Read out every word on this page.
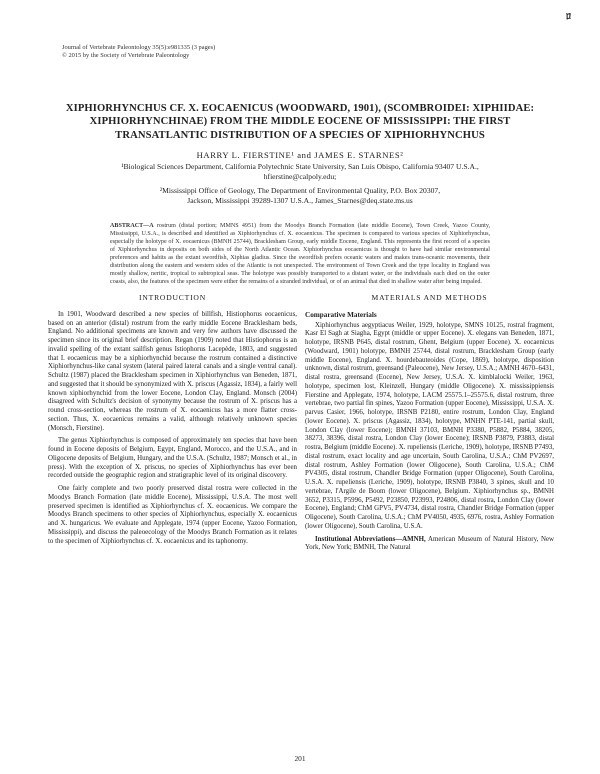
ﾛ
Journal of Vertebrate Paleontology 35(5):e981335 (3 pages)
© 2015 by the Society of Vertebrate Paleontology
XIPHIORHYNCHUS CF. X. EOCAENICUS (WOODWARD, 1901), (SCOMBROIDEI: XIPHIIDAE:
XIPHIORHYNCHINAE) FROM THE MIDDLE EOCENE OF MISSISSIPPI: THE FIRST
TRANSATLANTIC DISTRIBUTION OF A SPECIES OF XIPHIORHYNCHUS
HARRY L. FIERSTINE¹ and JAMES E. STARNES²
¹Biological Sciences Department, California Polytechnic State University, San Luis Obispo, California 93407 U.S.A.,
hfierstine@calpoly.edu;
²Mississippi Office of Geology, The Department of Environmental Quality, P.O. Box 20307,
Jackson, Mississippi 39289-1307 U.S.A., James_Starnes@deq.state.ms.us
ABSTRACT—A rostrum (distal portion; MMNS 4951) from the Moodys Branch Formation (late middle Eocene), Town Creek, Yazoo County, Mississippi, U.S.A., is described and identified as Xiphiorhynchus cf. X. eocaenicus. The specimen is compared to various species of Xiphiorhynchus, especially the holotype of X. eocaenicus (BMNH 25744), Bracklesham Group, early middle Eocene, England. This represents the first record of a species of Xiphiorhynchus in deposits on both sides of the North Atlantic Ocean. Xiphiorhynchus eocaenicus is thought to have had similar environmental preferences and habits as the extant swordfish, Xiphias gladius. Since the swordfish prefers oceanic waters and makes trans-oceanic movements, their distribution along the eastern and western sides of the Atlantic is not unexpected. The environment of Town Creek and the type locality in England was mostly shallow, neritic, tropical to subtropical seas. The holotype was possibly transported to a distant water, or the individuals each died on the outer coasts, also, the features of the specimen were either the remains of a stranded individual, or of an animal that died in shallow water after being impaled.
INTRODUCTION

In 1901, Woodward described a new species of billfish, Histiophorus eocaenicus, based on an anterior (distal) rostrum from the early middle Eocene Bracklesham beds, England. No additional specimens are known and very few authors have discussed the specimen since its original brief description. Regan (1909) noted that Histiophorus is an invalid spelling of the extant sailfish genus Istiophorus Lacepède, 1803, and suggested that I. eocaenicus may be a xiphiorhynchid because the rostrum contained a distinctive Xiphiorhynchus-like canal system (lateral paired lateral canals and a single ventral canal). Schultz (1987) placed the Bracklesham specimen in Xiphiorhynchus van Beneden, 1871, and suggested that it should be synonymized with X. priscus (Agassiz, 1834), a fairly well known xiphiorhynchid from the lower Eocene, London Clay, England. Monsch (2004) disagreed with Schultz's decision of synonymy because the rostrum of X. priscus has a round cross-section, whereas the rostrum of X. eocaenicus has a more flatter cross-section. Thus, X. eocaenicus remains a valid, although relatively unknown species (Monsch, Fierstine).

The genus Xiphiorhynchus is composed of approximately ten species that have been found in Eocene deposits of Belgium, Egypt, England, Morocco, and the U.S.A., and in Oligocene deposits of Belgium, Hungary, and the U.S.A. (Schultz, 1987; Monsch et al., in press). With the exception of X. priscus, no species of Xiphiorhynchus has ever been recorded outside the geographic region and stratigraphic level of its original discovery.

One fairly complete and two poorly preserved distal rostra were collected in the Moodys Branch Formation (late middle Eocene), Mississippi, U.S.A. The most well preserved specimen is identified as Xiphiorhynchus cf. X. eocaenicus. We compare the Moodys Branch specimens to other species of Xiphiorhynchus, especially X. eocaenicus and X. hungaricus. We evaluate and Applegate, 1974 (upper Eocene, Yazoo Formation, Mississippi), and discuss the paleoecology of the Moodys Branch Formation as it relates to the specimen of Xiphiorhynchus cf. X. eocaenicus and its taphonomy.

MATERIALS AND METHODS
Comparative Materials

Xiphiorhynchus aegyptiacus Weiler, 1929, holotype, SMNS 10125, rostral fragment, Kasr El Sagh at Siagha, Egypt (middle or upper Eocene). X. elegans van Beneden, 1871, holotype, IRSNB P645, distal rostrum, Ghent, Belgium (upper Eocene). X. eocaenicus (Woodward, 1901) holotype, BMNH 25744, distal rostrum, Bracklesham Group (early middle Eocene), England. X. hourdebauteoides (Cope, 1869), holotype, disposition unknown, distal rostrum, greensand (Paleocene), New Jersey, U.S.A.; AMNH 4670–6431, distal rostra, greensand (Eocene), New Jersey, U.S.A. X. kimblalocki Weiler, 1963, holotype, specimen lost, Kleinzell, Hungary (middle Oligocene). X. mississippiensis Fierstine and Applegate, 1974, holotype, LACM 25575.1–25575.6, distal rostrum, three vertebrae, two partial fin spines, Yazoo Formation (upper Eocene), Mississippi, U.S.A. X. parvus Casier, 1966, holotype, IRSNB P2180, entire rostrum, London Clay, England (lower Eocene). X. priscus (Agassiz, 1834), holotype, MNHN PTE-141, partial skull, London Clay (lower Eocene); BMNH 37103, BMNH P3380, P5882, P5884, 38205, 38273, 38396, distal rostra, London Clay (lower Eocene); IRSNB P3879, P3883, distal rostra, Belgium (middle Eocene). X. rupeliensis (Leriche, 1909), holotype, IRSNB P7493, distal rostrum, exact locality and age uncertain, South Carolina, U.S.A.; ChM PV2697, distal rostrum, Ashley Formation (lower Oligocene), South Carolina, U.S.A.; ChM PV4305, distal rostrum, Chandler Bridge Formation (upper Oligocene), South Carolina, U.S.A. X. rupeliensis (Leriche, 1909), holotype, IRSNB P3840, 3 spines, skull and 10 vertebrae, l'Argile de Boom (lower Oligocene), Belgium. Xiphiorhynchus sp., BMNH 3652, P3315, P5996, P5492, P23850, P23993, P24806, distal rostra, London Clay (lower Eocene), England; ChM GPV5, PV4734, distal rostra, Chandler Bridge Formation (upper Oligocene), South Carolina, U.S.A.; ChM PV4050, 4935, 6976, rostra, Ashley Formation (lower Oligocene), South Carolina, U.S.A.

Institutional Abbreviations—AMNH, American Museum of Natural History, New York, New York; BMNH, The Natural

201
